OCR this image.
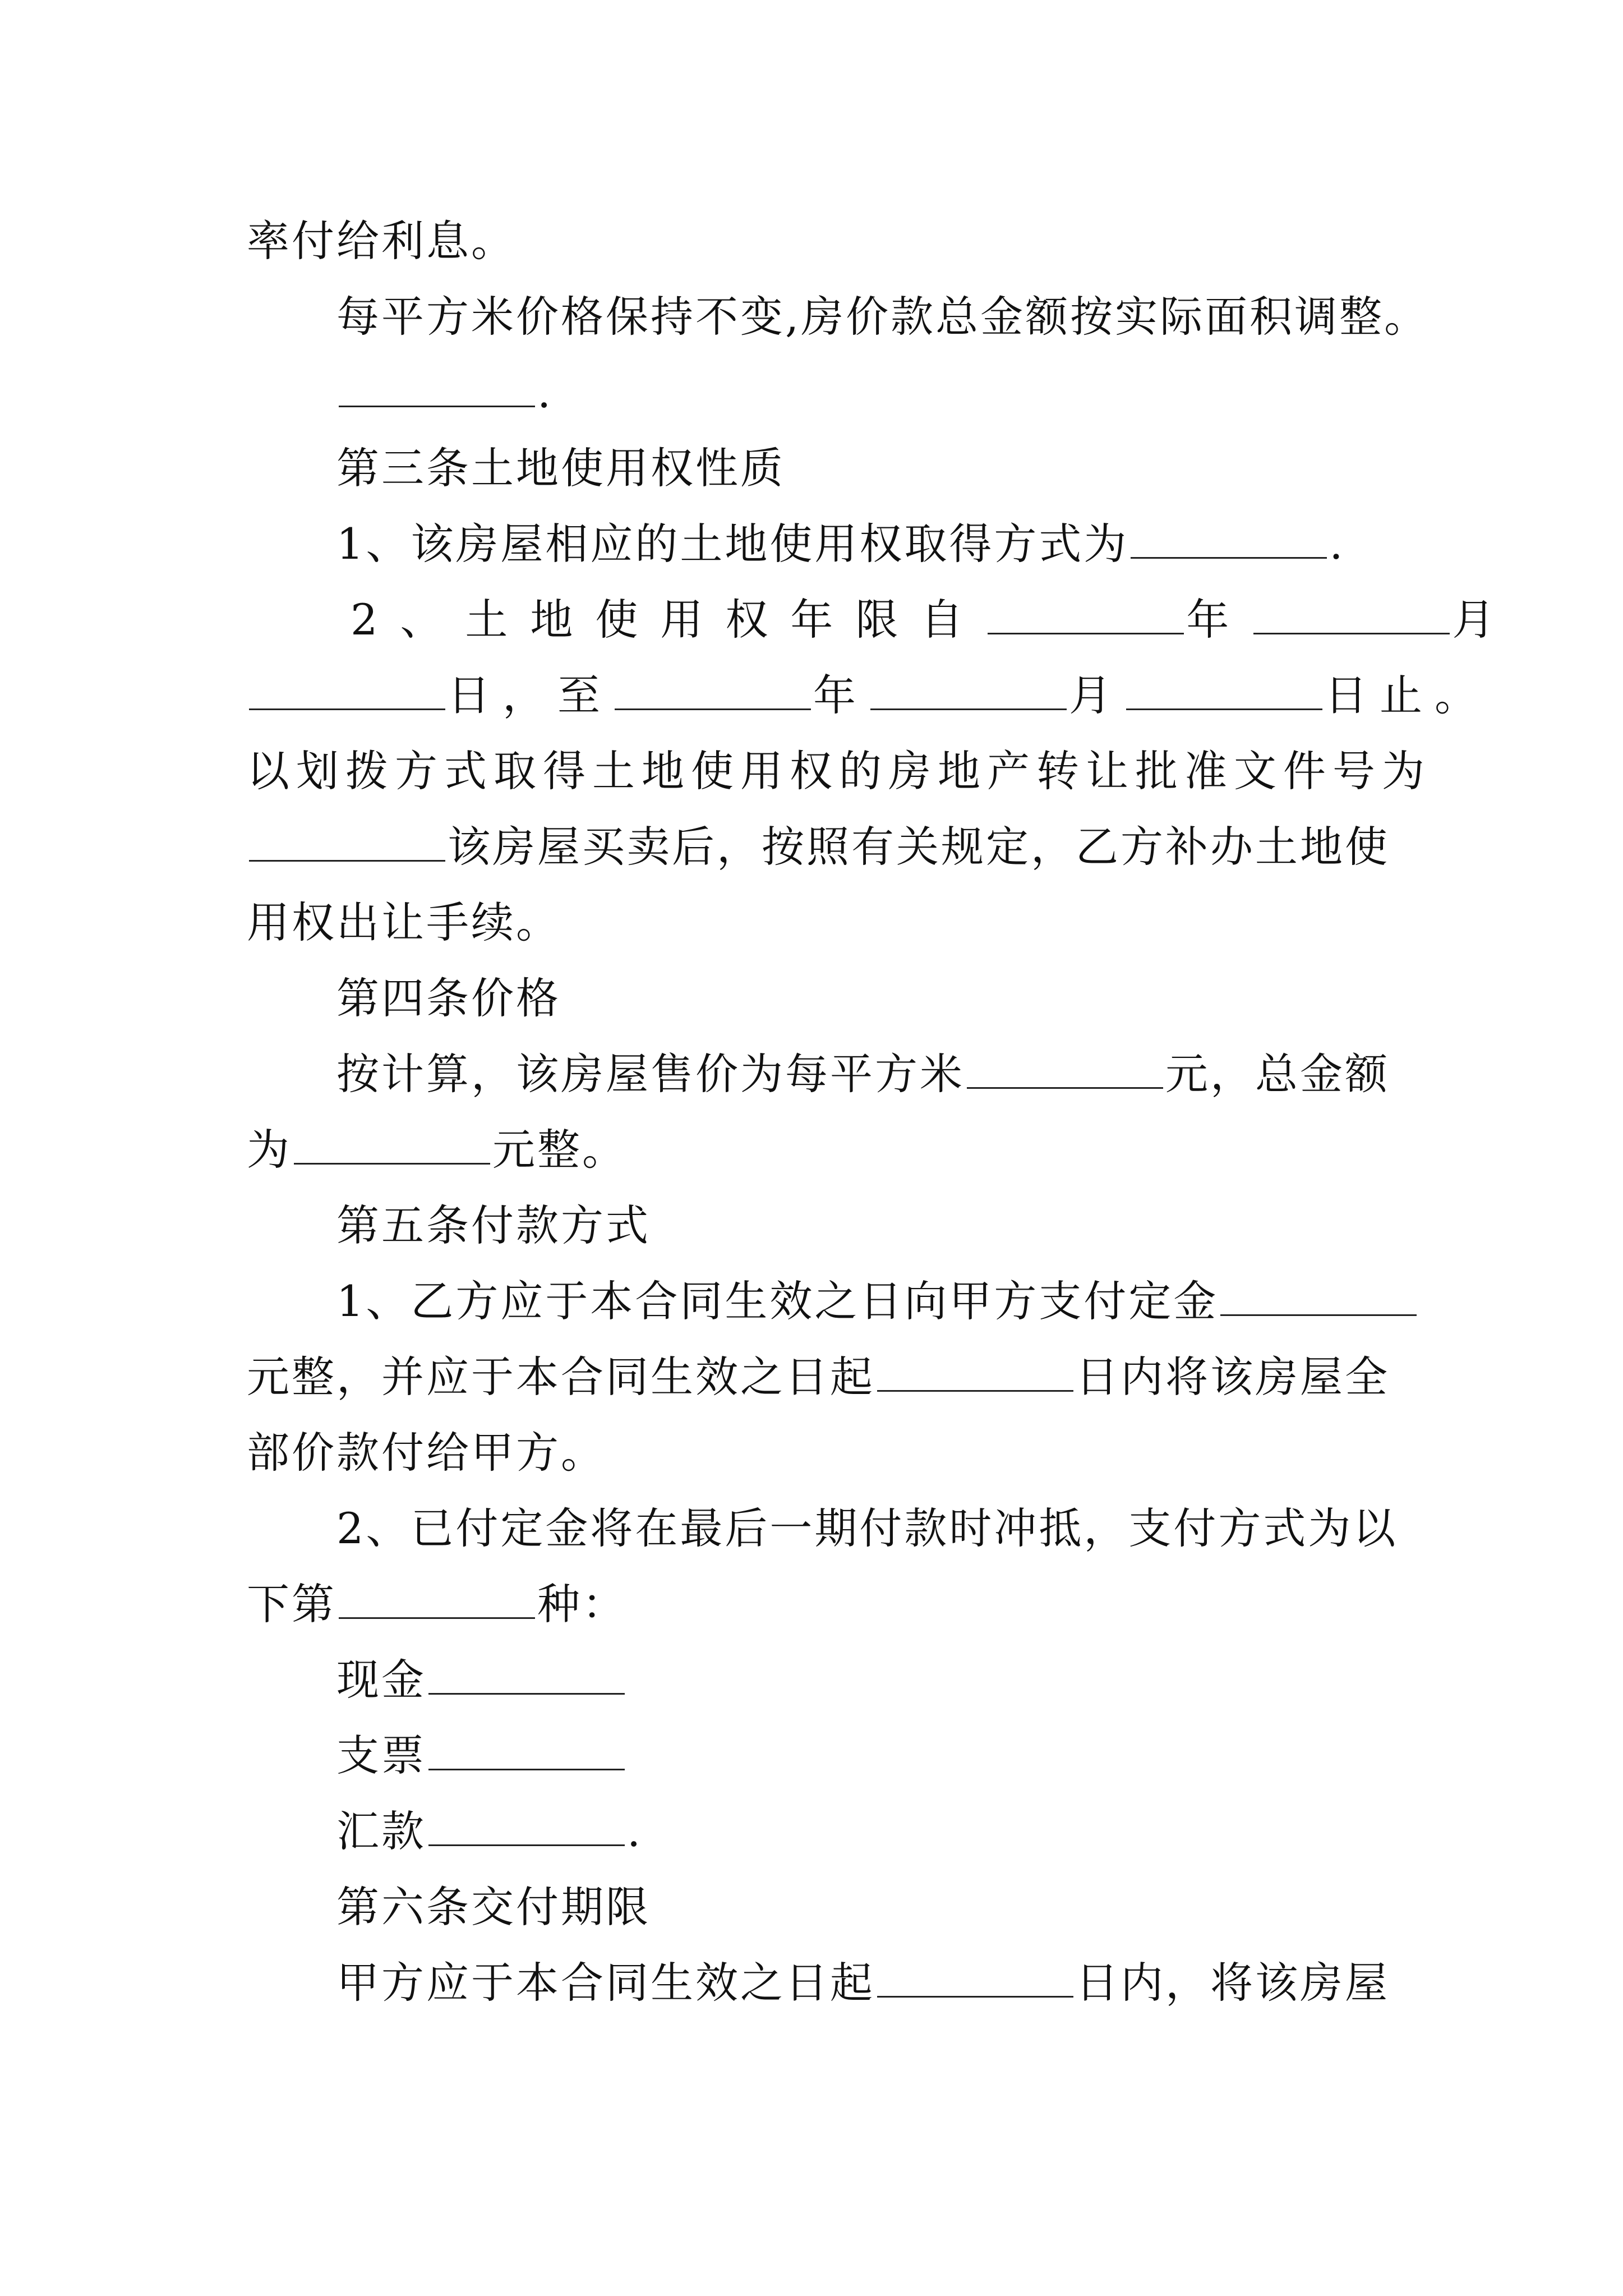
率付给利息。
每平方米价格保持不变,房价款总金额按实际面积调整。
.
第三条土地使用权性质
1、该房屋相应的土地使用权取得方式为	.
2、土地使用权年限自	年	月
日，至	年	月	日止。
以划拨方式取得土地使用权的房地产转让批准文件号为
该房屋买卖后，按照有关规定，乙方补办土地使
用权出让手续。
第四条价格
按计算，该房屋售价为每平方米	元，总金额
为	元整。
第五条付款方式
1、乙方应于本合同生效之日向甲方支付定金
元整，并应于本合同生效之日起	日内将该房屋全
部价款付给甲方。
2、已付定金将在最后一期付款时冲抵，支付方式为以
下第	种：
现金
支票
汇款	.
第六条交付期限
甲方应于本合同生效之日起	日内，将该房屋
